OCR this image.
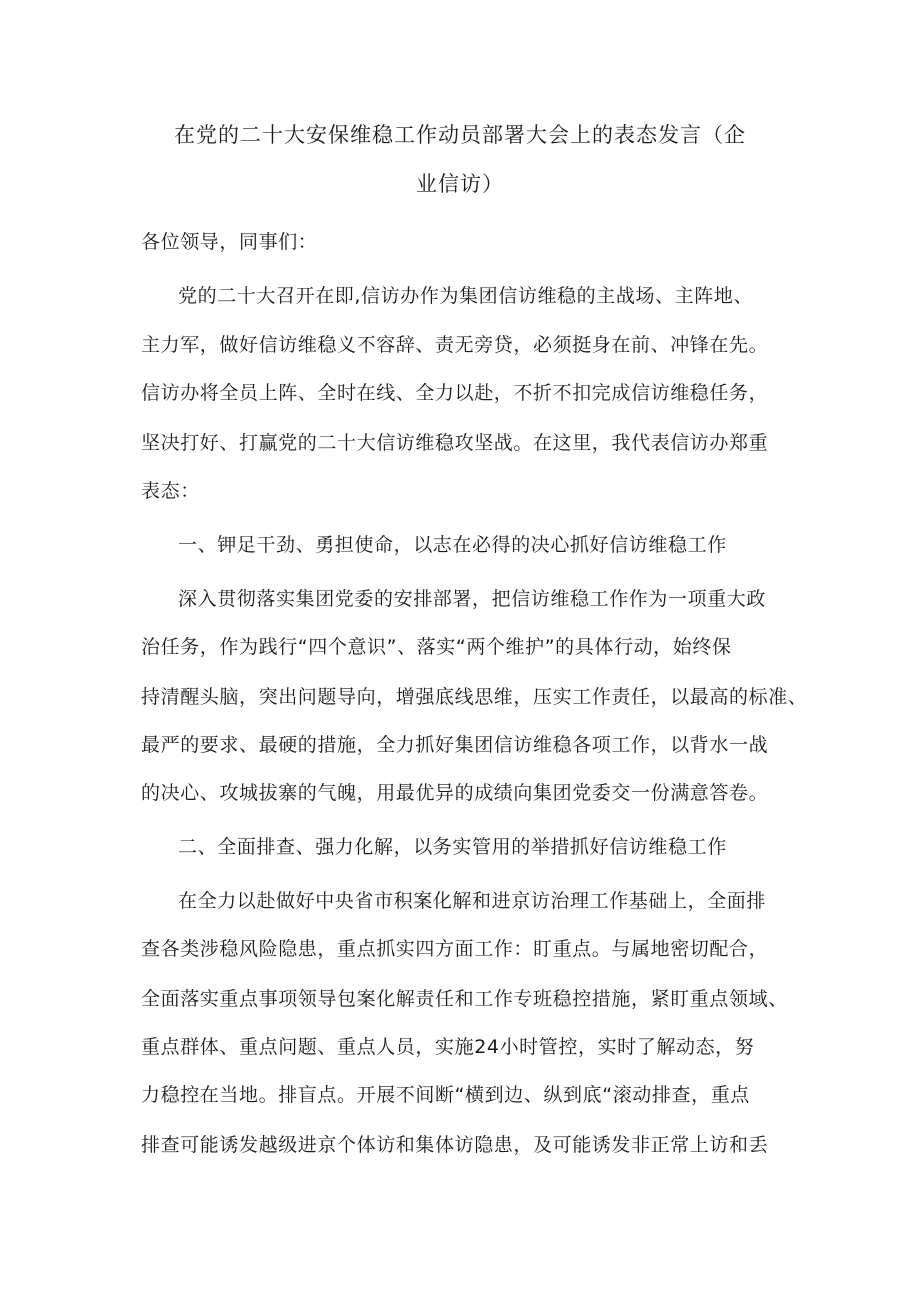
在党的二十大安保维稳工作动员部署大会上的表态发言（企
业信访）
各位领导，同事们：
党的二十大召开在即,信访办作为集团信访维稳的主战场、主阵地、
主力军，做好信访维稳义不容辞、责无旁贷，必须挺身在前、冲锋在先。
信访办将全员上阵、全时在线、全力以赴，不折不扣完成信访维稳任务，
坚决打好、打赢党的二十大信访维稳攻坚战。在这里，我代表信访办郑重
表态：
一、钾足干劲、勇担使命，以志在必得的决心抓好信访维稳工作
深入贯彻落实集团党委的安排部署，把信访维稳工作作为一项重大政
治任务，作为践行“四个意识”、落实“两个维护”的具体行动，始终保
持清醒头脑，突出问题导向，增强底线思维，压实工作责任，以最高的标准、
最严的要求、最硬的措施，全力抓好集团信访维稳各项工作，以背水一战
的决心、攻城拔寨的气魄，用最优异的成绩向集团党委交一份满意答卷。
二、全面排查、强力化解，以务实管用的举措抓好信访维稳工作
在全力以赴做好中央省市积案化解和进京访治理工作基础上，全面排
查各类涉稳风险隐患，重点抓实四方面工作：盯重点。与属地密切配合，
全面落实重点事项领导包案化解责任和工作专班稳控措施，紧盯重点领域、
重点群体、重点问题、重点人员，实施24小时管控，实时了解动态，努
力稳控在当地。排盲点。开展不间断“横到边、纵到底“滚动排查，重点
排查可能诱发越级进京个体访和集体访隐患，及可能诱发非正常上访和丢
